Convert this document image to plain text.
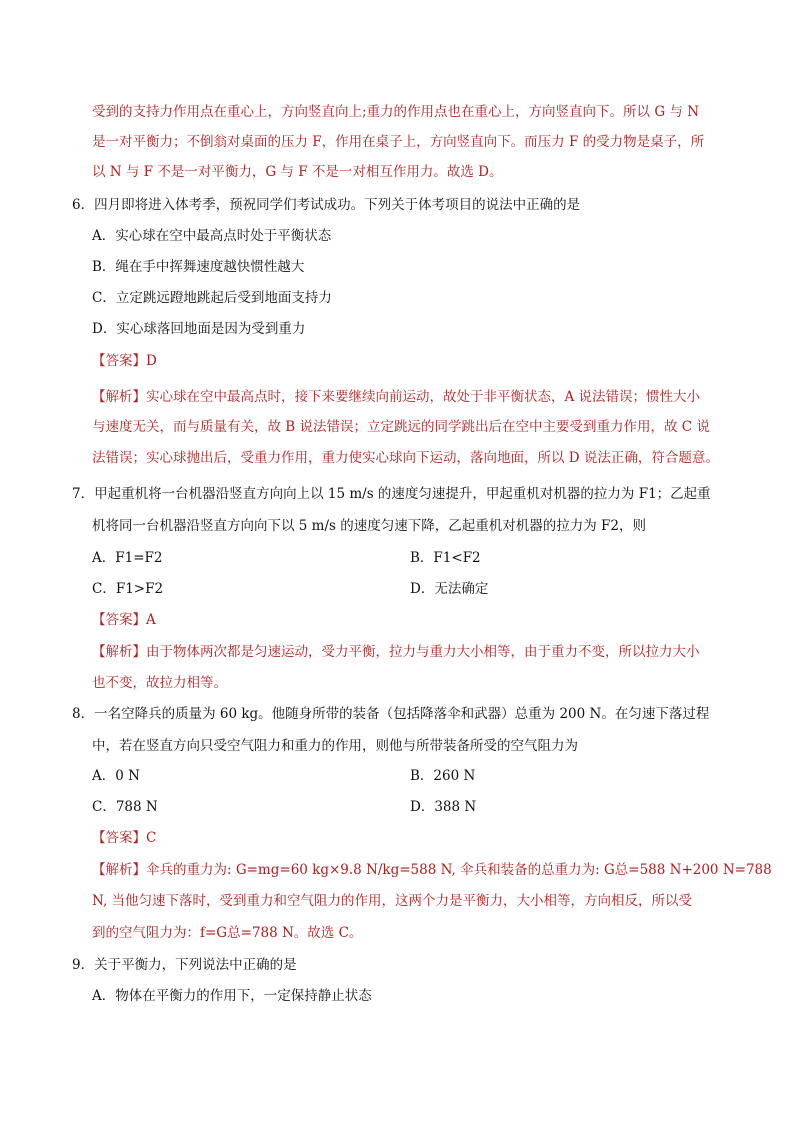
受到的支持力作用点在重心上，方向竖直向上;重力的作用点也在重心上，方向竖直向下。所以 G 与 N
是一对平衡力；不倒翁对桌面的压力 F，作用在桌子上，方向竖直向下。而压力 F 的受力物是桌子，所
以 N 与 F 不是一对平衡力，G 与 F 不是一对相互作用力。故选 D。
6．四月即将进入体考季，预祝同学们考试成功。下列关于体考项目的说法中正确的是
A．实心球在空中最高点时处于平衡状态
B．绳在手中挥舞速度越快惯性越大
C．立定跳远蹬地跳起后受到地面支持力
D．实心球落回地面是因为受到重力
【答案】D
【解析】实心球在空中最高点时，接下来要继续向前运动，故处于非平衡状态，A 说法错误；惯性大小
与速度无关，而与质量有关，故 B 说法错误；立定跳远的同学跳出后在空中主要受到重力作用，故 C 说
法错误；实心球抛出后，受重力作用，重力使实心球向下运动，落向地面，所以 D 说法正确，符合题意。
7．甲起重机将一台机器沿竖直方向向上以 15 m/s 的速度匀速提升，甲起重机对机器的拉力为 F1；乙起重
机将同一台机器沿竖直方向向下以 5 m/s 的速度匀速下降，乙起重机对机器的拉力为 F2，则
A．F1=F2	B．F1<F2
C．F1>F2	D．无法确定
【答案】A
【解析】由于物体两次都是匀速运动，受力平衡，拉力与重力大小相等，由于重力不变，所以拉力大小
也不变，故拉力相等。
8．一名空降兵的质量为 60 kg。他随身所带的装备（包括降落伞和武器）总重为 200 N。在匀速下落过程
中，若在竖直方向只受空气阻力和重力的作用，则他与所带装备所受的空气阻力为
A．0 N	B．260 N
C．788 N	D．388 N
【答案】C
【解析】伞兵的重力为: G=mg=60 kg×9.8 N/kg=588 N, 伞兵和装备的总重力为: G总=588 N+200 N=788
N, 当他匀速下落时，受到重力和空气阻力的作用，这两个力是平衡力，大小相等，方向相反，所以受
到的空气阻力为：f=G总=788 N。故选 C。
9．关于平衡力，下列说法中正确的是
A．物体在平衡力的作用下，一定保持静止状态
